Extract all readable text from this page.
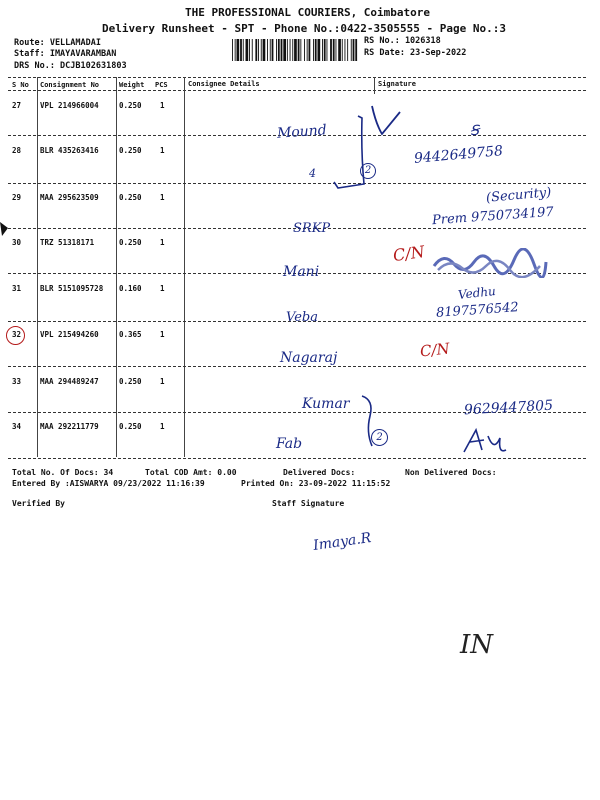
THE PROFESSIONAL COURIERS, Coimbatore
Delivery Runsheet - SPT - Phone No.:0422-3505555 - Page No.:3
Route: VELLAMADAI
Staff: IMAYAVARAMBAN
DRS No.: DCJB102631803
RS No.: 1026318
RS Date: 23-Sep-2022
S No Consignment No	Weight PCS	Consignee Details	Signature
27	VPL 214966004	0.250 1
28	BLR 435263416	0.250 1
29	MAA 295623509	0.250 1
30	TRZ 51318171	0.250 1
31	BLR 5151095728 0.160 1
32	VPL 215494260	0.365 1
33	MAA 294489247	0.250 1
34	MAA 292211779	0.250 1
Mound	Ꞩ
9442649758
4	2
(Security)
Prem 9750734197
SRKP
Mani
C/N
Vedhu
8197576542
Veba
Nagaraj	C/N
Kumar	9629447805
Fab	2
Total No. Of Docs: 34	Total COD Amt: 0.00	Delivered Docs:	Non Delivered Docs:
Entered By :AISWARYA 09/23/2022 11:16:39	Printed On: 23-09-2022 11:15:52
Verified By	Staff Signature
Imaya.R
IN
